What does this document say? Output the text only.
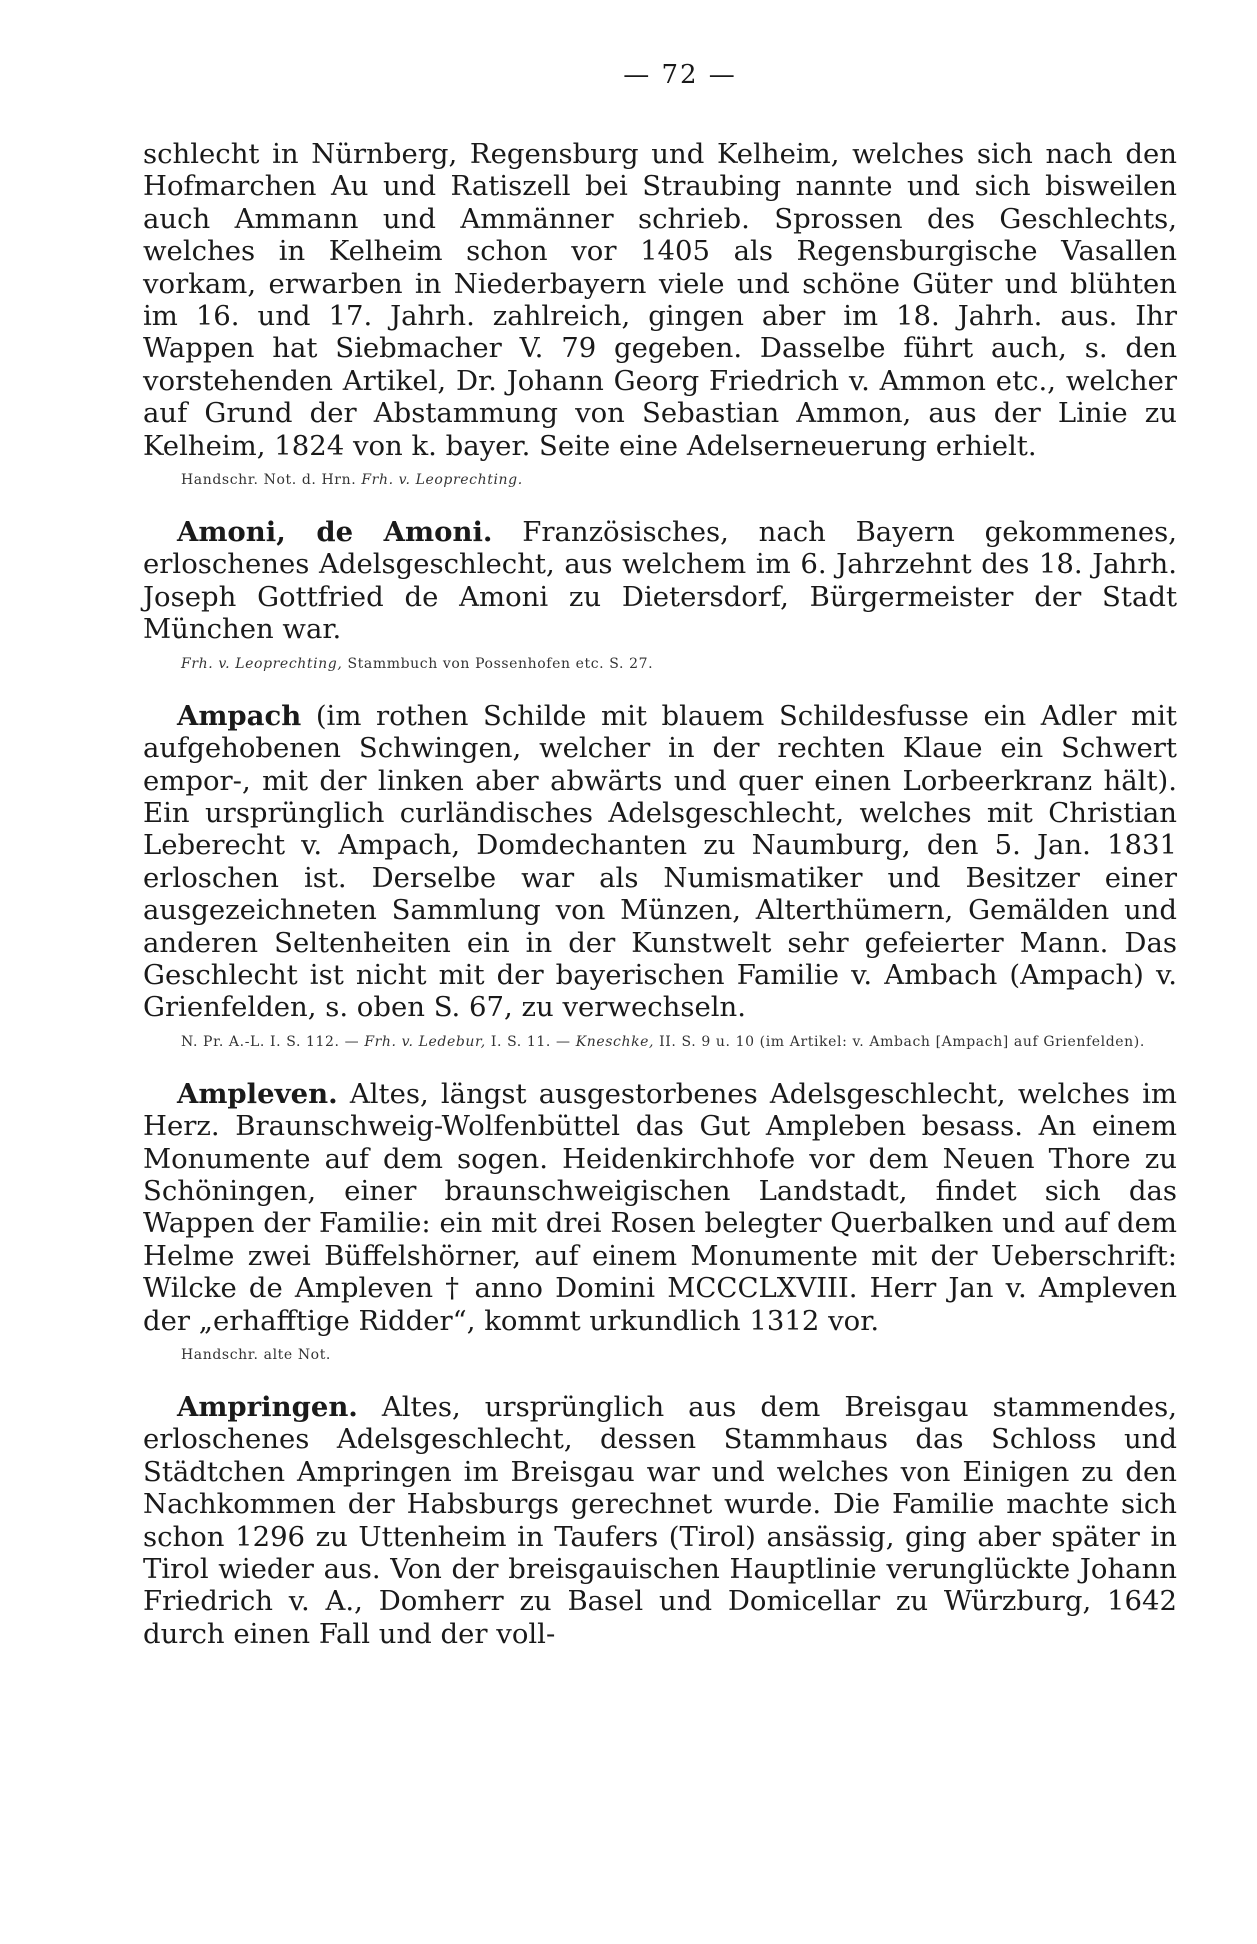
— 72 —

schlecht in Nürnberg, Regensburg und Kelheim, welches sich nach den Hofmarchen Au und Ratiszell bei Straubing nannte und sich bisweilen auch Ammann und Ammänner schrieb. Sprossen des Geschlechts, welches in Kelheim schon vor 1405 als Regensburgische Vasallen vorkam, erwarben in Niederbayern viele und schöne Güter und blühten im 16. und 17. Jahrh. zahlreich, gingen aber im 18. Jahrh. aus. Ihr Wappen hat Siebmacher V. 79 gegeben. Dasselbe führt auch, s. den vorstehenden Artikel, Dr. Johann Georg Friedrich v. Ammon etc., welcher auf Grund der Abstammung von Sebastian Ammon, aus der Linie zu Kelheim, 1824 von k. bayer. Seite eine Adelserneuerung erhielt.

Handschr. Not. d. Hrn. Frh. v. Leoprechting.

Amoni, de Amoni. Französisches, nach Bayern gekommenes, erloschenes Adelsgeschlecht, aus welchem im 6. Jahrzehnt des 18. Jahrh. Joseph Gottfried de Amoni zu Dietersdorf, Bürgermeister der Stadt München war.

Frh. v. Leoprechting, Stammbuch von Possenhofen etc. S. 27.

Ampach (im rothen Schilde mit blauem Schildesfusse ein Adler mit aufgehobenen Schwingen, welcher in der rechten Klaue ein Schwert empor-, mit der linken aber abwärts und quer einen Lorbeerkranz hält). Ein ursprünglich curländisches Adelsgeschlecht, welches mit Christian Leberecht v. Ampach, Domdechanten zu Naumburg, den 5. Jan. 1831 erloschen ist. Derselbe war als Numismatiker und Besitzer einer ausgezeichneten Sammlung von Münzen, Alterthümern, Gemälden und anderen Seltenheiten ein in der Kunstwelt sehr gefeierter Mann. Das Geschlecht ist nicht mit der bayerischen Familie v. Ambach (Ampach) v. Grienfelden, s. oben S. 67, zu verwechseln.

N. Pr. A.-L. I. S. 112. — Frh. v. Ledebur, I. S. 11. — Kneschke, II. S. 9 u. 10 (im Artikel: v. Ambach [Ampach] auf Grienfelden).

Ampleven. Altes, längst ausgestorbenes Adelsgeschlecht, welches im Herz. Braunschweig-Wolfenbüttel das Gut Ampleben besass. An einem Monumente auf dem sogen. Heidenkirchhofe vor dem Neuen Thore zu Schöningen, einer braunschweigischen Landstadt, findet sich das Wappen der Familie: ein mit drei Rosen belegter Querbalken und auf dem Helme zwei Büffelshörner, auf einem Monumente mit der Ueberschrift: Wilcke de Ampleven † anno Domini MCCCLXVIII. Herr Jan v. Ampleven der „erhafftige Ridder“, kommt urkundlich 1312 vor.

Handschr. alte Not.

Ampringen. Altes, ursprünglich aus dem Breisgau stammendes, erloschenes Adelsgeschlecht, dessen Stammhaus das Schloss und Städtchen Ampringen im Breisgau war und welches von Einigen zu den Nachkommen der Habsburgs gerechnet wurde. Die Familie machte sich schon 1296 zu Uttenheim in Taufers (Tirol) ansässig, ging aber später in Tirol wieder aus. Von der breisgauischen Hauptlinie verunglückte Johann Friedrich v. A., Domherr zu Basel und Domicellar zu Würzburg, 1642 durch einen Fall und der voll-
